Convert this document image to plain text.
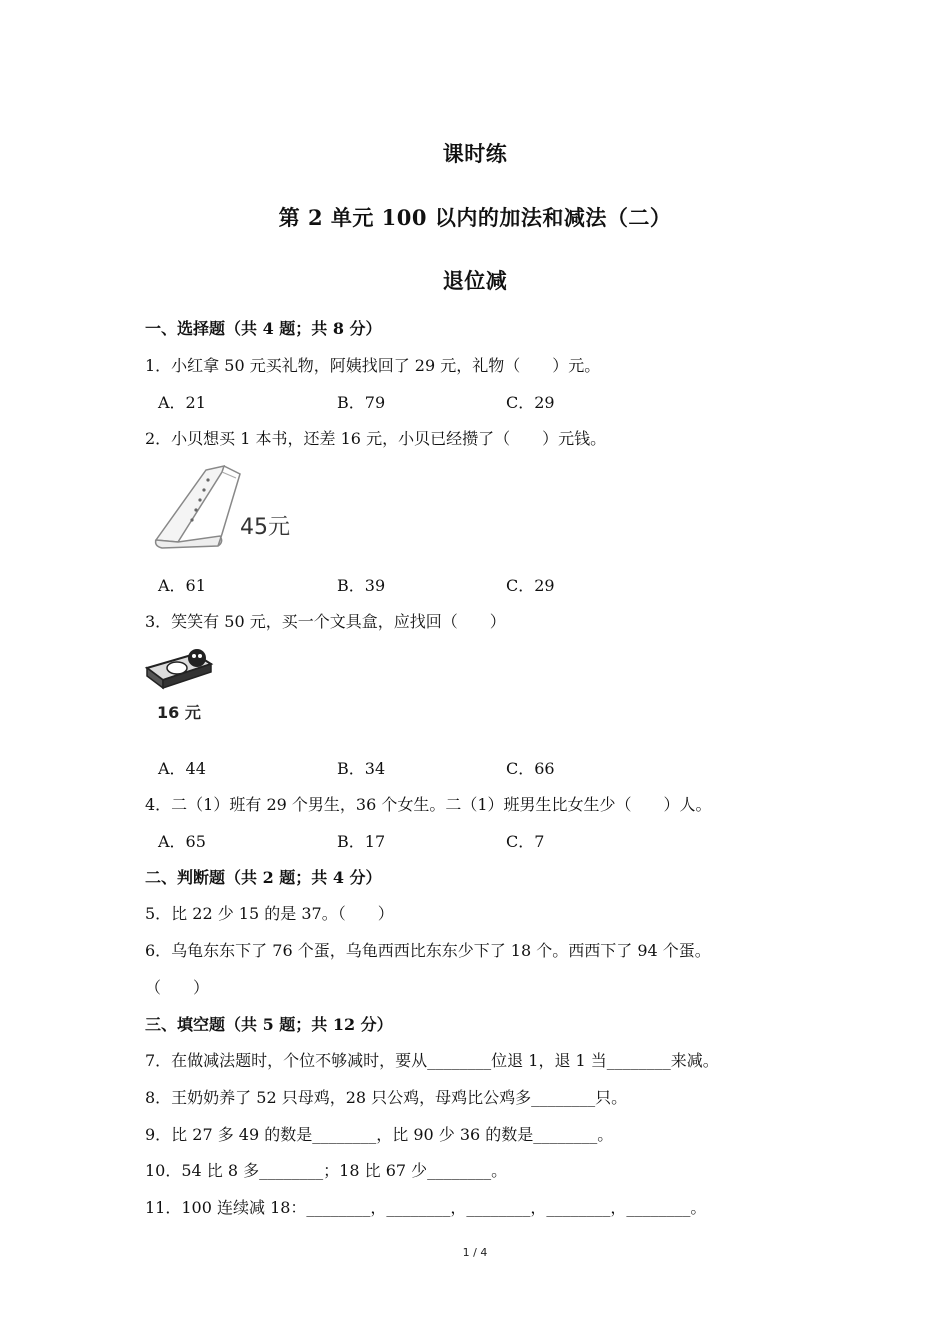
课时练
第 2 单元 100 以内的加法和减法（二）
退位减
一、选择题（共 4 题；共 8 分）
1．小红拿 50 元买礼物，阿姨找回了 29 元，礼物（　　）元。
A．21	B．79	C．29
2．小贝想买 1 本书，还差 16 元，小贝已经攒了（　　）元钱。
45元
A．61	B．39	C．29
3．笑笑有 50 元，买一个文具盒，应找回（　　）
16 元
A．44	B．34	C．66
4．二（1）班有 29 个男生，36 个女生。二（1）班男生比女生少（　　）人。
A．65	B．17	C．7
二、判断题（共 2 题；共 4 分）
5．比 22 少 15 的是 37。（　　）
6．乌龟东东下了 76 个蛋，乌龟西西比东东少下了 18 个。西西下了 94 个蛋。
（　　）
三、填空题（共 5 题；共 12 分）
7．在做减法题时，个位不够减时，要从________位退 1，退 1 当________来减。
8．王奶奶养了 52 只母鸡，28 只公鸡，母鸡比公鸡多________只。
9．比 27 多 49 的数是________，比 90 少 36 的数是________。
10．54 比 8 多________；18 比 67 少________。
11．100 连续减 18：________，________，________，________，________。
1 / 4
